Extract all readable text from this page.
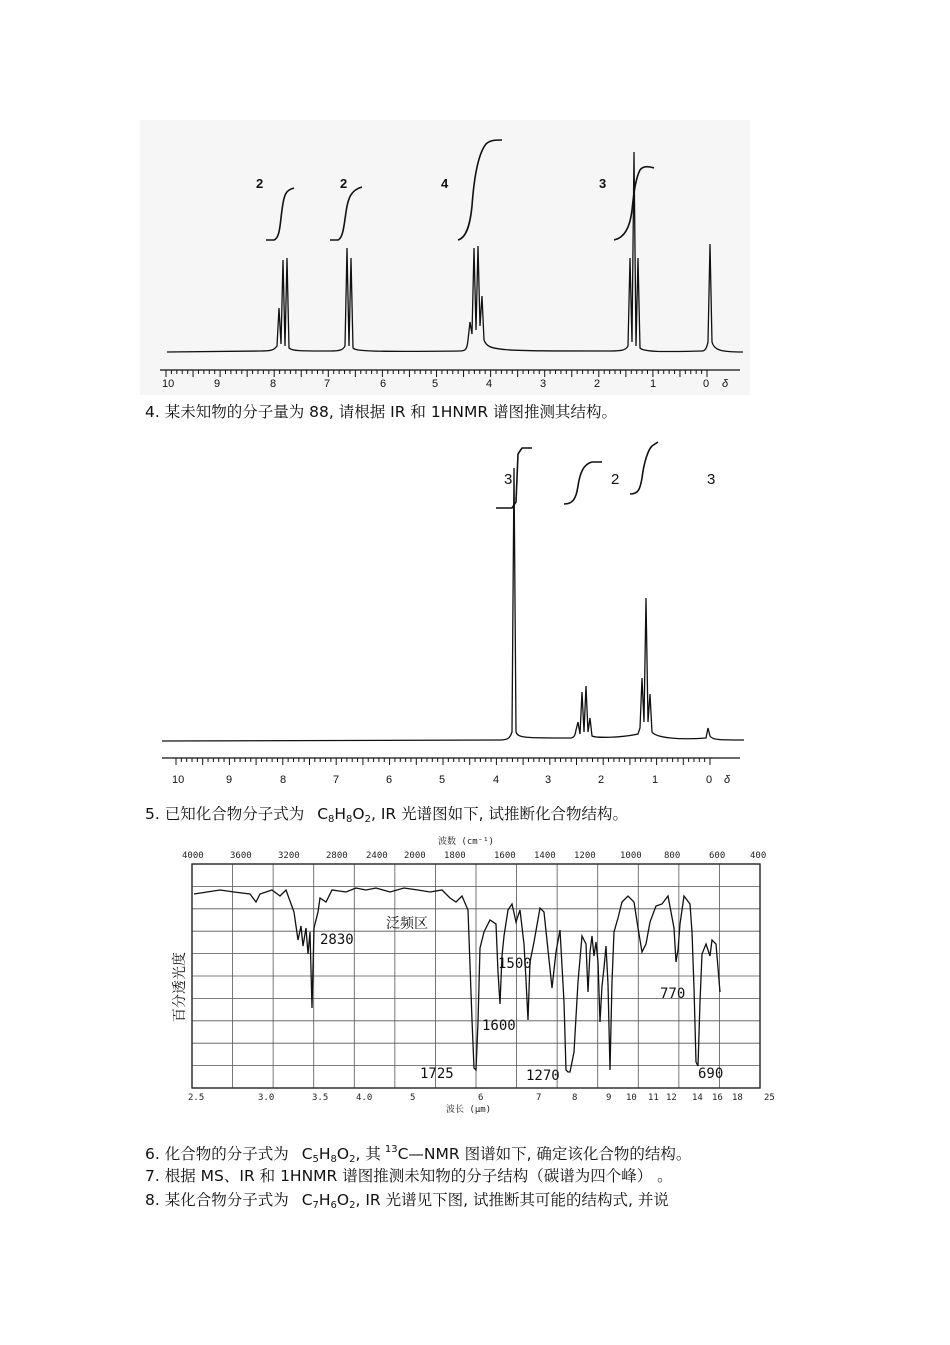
2	2	4	3
10	9	8	7	6	5	4	3	2	1	0 δ
4. 某未知物的分子量为 88, 请根据 IR 和 1HNMR 谱图推测其结构。
3	2	3
10	9	8	7	6	5	4	3	2	1	0 δ
5. 已知化合物分子式为 $C_8H_8O_2$, IR 光谱图如下, 试推断化合物结构。
波数 (cm⁻¹)
4000	3600	3200	2800 2400 2000 1800	1600 1400 1200	1000 800	600	400
百分透光度
泛频区
2830
1500
770
1600
1725	1270	690
2.5	3.0	3.5	4.0	5	6	7	8	9 10 11 12 14 16 18 25
波长 (μm)
6. 化合物的分子式为 $C_5H_8O_2$, 其 $^{13}$C—NMR 图谱如下, 确定该化合物的结构。
7. 根据 MS、IR 和 1HNMR 谱图推测未知物的分子结构（碳谱为四个峰） 。
8. 某化合物分子式为 $C_7H_6O_2$, IR 光谱见下图, 试推断其可能的结构式, 并说
